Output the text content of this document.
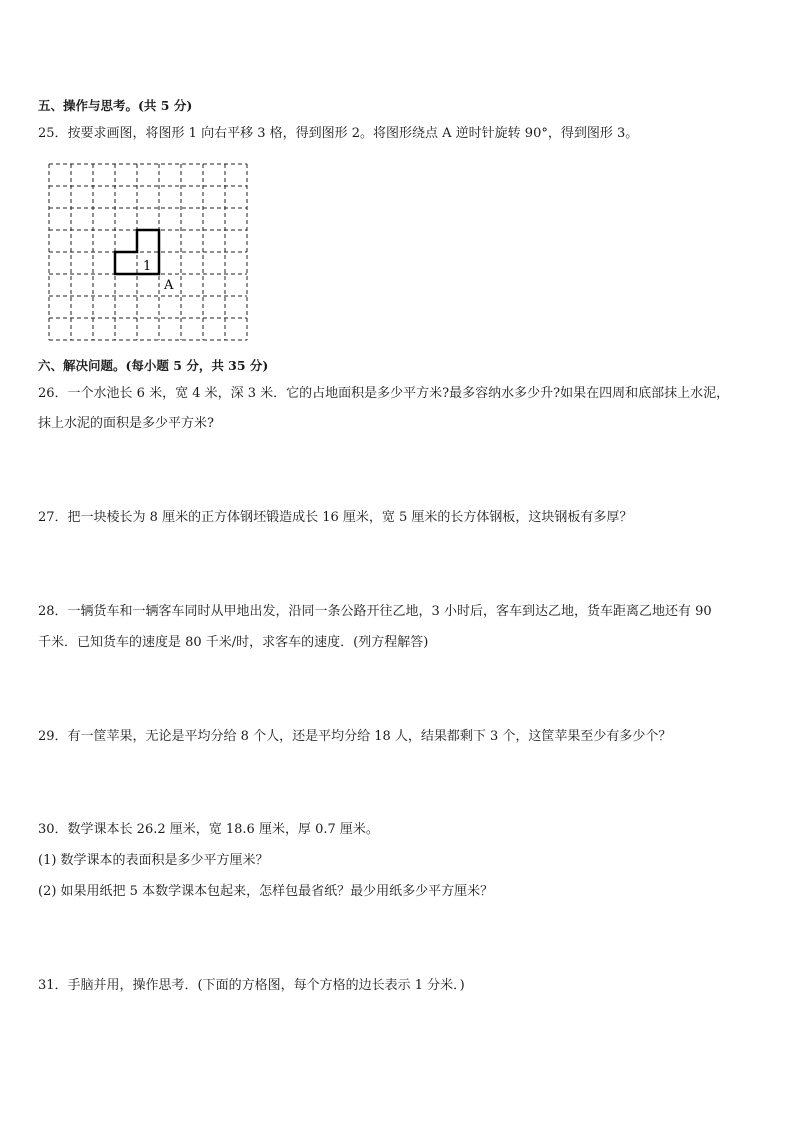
五、操作与思考。(共 5 分)

25．按要求画图，将图形 1 向右平移 3 格，得到图形 2。将图形绕点 A 逆时针旋转 90°，得到图形 3。

1
A

六、解决问题。(每小题 5 分，共 35 分)

26．一个水池长 6 米，宽 4 米，深 3 米．它的占地面积是多少平方米?最多容纳水多少升?如果在四周和底部抹上水泥，

抹上水泥的面积是多少平方米?

27．把一块棱长为 8 厘米的正方体钢坯锻造成长 16 厘米，宽 5 厘米的长方体钢板，这块钢板有多厚？

28．一辆货车和一辆客车同时从甲地出发，沿同一条公路开往乙地，3 小时后，客车到达乙地，货车距离乙地还有 90

千米．已知货车的速度是 80 千米/时，求客车的速度．(列方程解答)

29．有一筐苹果，无论是平均分给 8 个人，还是平均分给 18 人，结果都剩下 3 个，这筐苹果至少有多少个？

30．数学课本长 26.2 厘米，宽 18.6 厘米，厚 0.7 厘米。

(1) 数学课本的表面积是多少平方厘米？

(2) 如果用纸把 5 本数学课本包起来，怎样包最省纸？最少用纸多少平方厘米？

31．手脑并用，操作思考．(下面的方格图，每个方格的边长表示 1 分米．)
